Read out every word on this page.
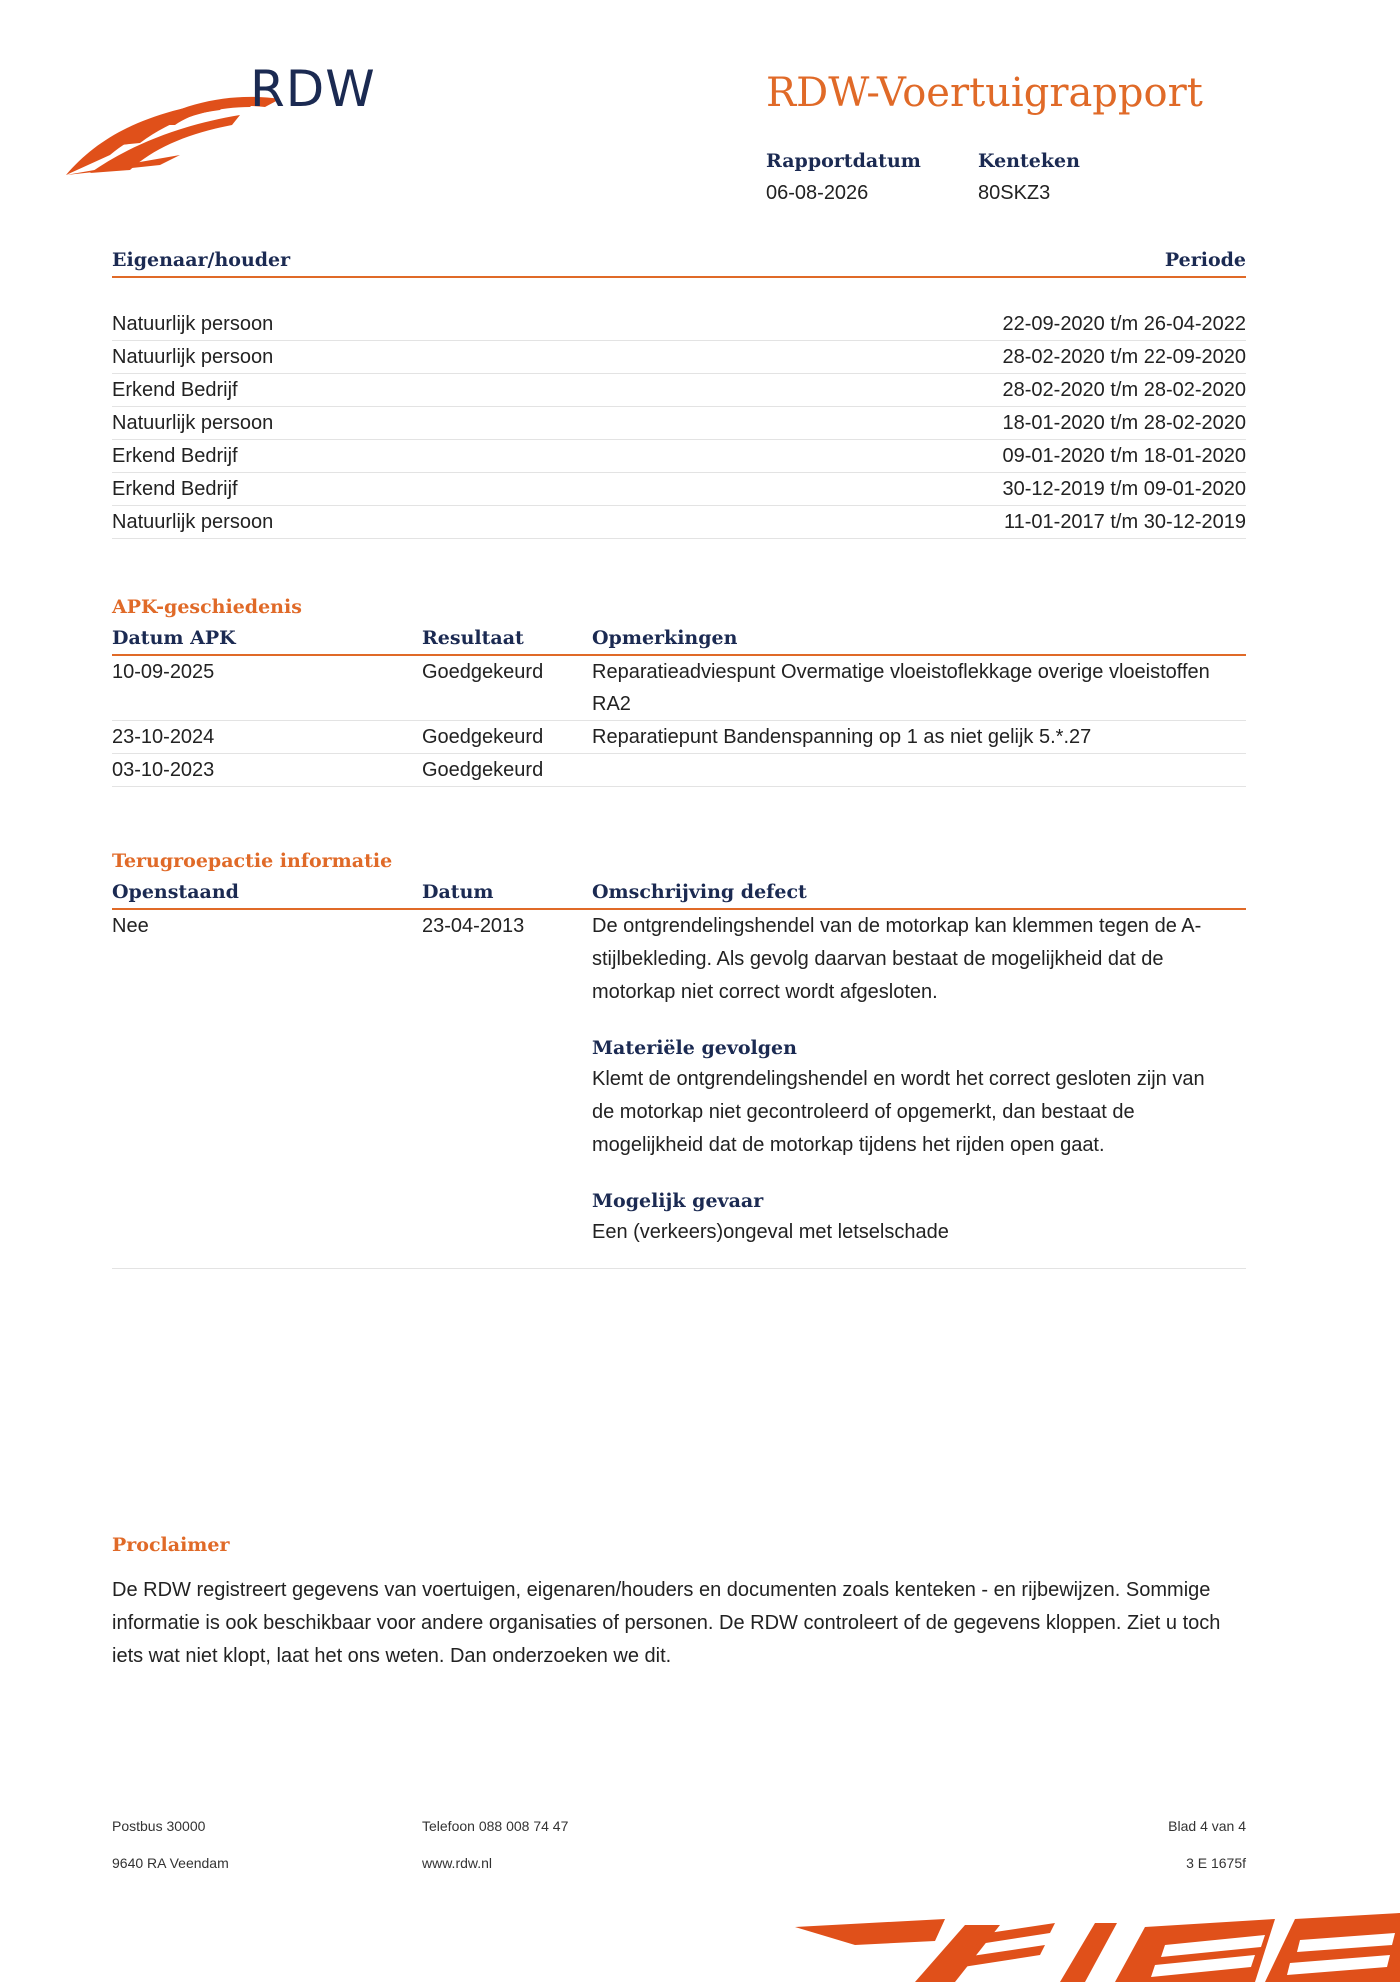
RDW	RDW-Voertuigrapport
Rapportdatum
06-08-2026
Kenteken
80SKZ3
Eigenaar/houder	Periode
Natuurlijk persoon	22-09-2020 t/m 26-04-2022
Natuurlijk persoon	28-02-2020 t/m 22-09-2020
Erkend Bedrijf	28-02-2020 t/m 28-02-2020
Natuurlijk persoon	18-01-2020 t/m 28-02-2020
Erkend Bedrijf	09-01-2020 t/m 18-01-2020
Erkend Bedrijf	30-12-2019 t/m 09-01-2020
Natuurlijk persoon	11-01-2017 t/m 30-12-2019
APK-geschiedenis
Datum APK	Resultaat	Opmerkingen
10-09-2025	Goedgekeurd Reparatieadviespunt Overmatige vloeistoflekkage overige vloeistoffen RA2
23-10-2024	Goedgekeurd Reparatiepunt Bandenspanning op 1 as niet gelijk 5.*.27
03-10-2023	Goedgekeurd
Terugroepactie informatie
Openstaand	Datum	Omschrijving defect
Nee	23-04-2013	De ontgrendelingshendel van de motorkap kan klemmen tegen de A-stijlbekleding. Als gevolg daarvan bestaat de mogelijkheid dat de motorkap niet correct wordt afgesloten.
Materiële gevolgen
Klemt de ontgrendelingshendel en wordt het correct gesloten zijn van de motorkap niet gecontroleerd of opgemerkt, dan bestaat de mogelijkheid dat de motorkap tijdens het rijden open gaat.
Mogelijk gevaar
Een (verkeers)ongeval met letselschade
Proclaimer
De RDW registreert gegevens van voertuigen, eigenaren/houders en documenten zoals kenteken - en rijbewijzen. Sommige informatie is ook beschikbaar voor andere organisaties of personen. De RDW controleert of de gegevens kloppen. Ziet u toch iets wat niet klopt, laat het ons weten. Dan onderzoeken we dit.
Postbus 30000
9640 RA Veendam
Telefoon 088 008 74 47
www.rdw.nl
Blad 4 van 4
3 E 1675f
